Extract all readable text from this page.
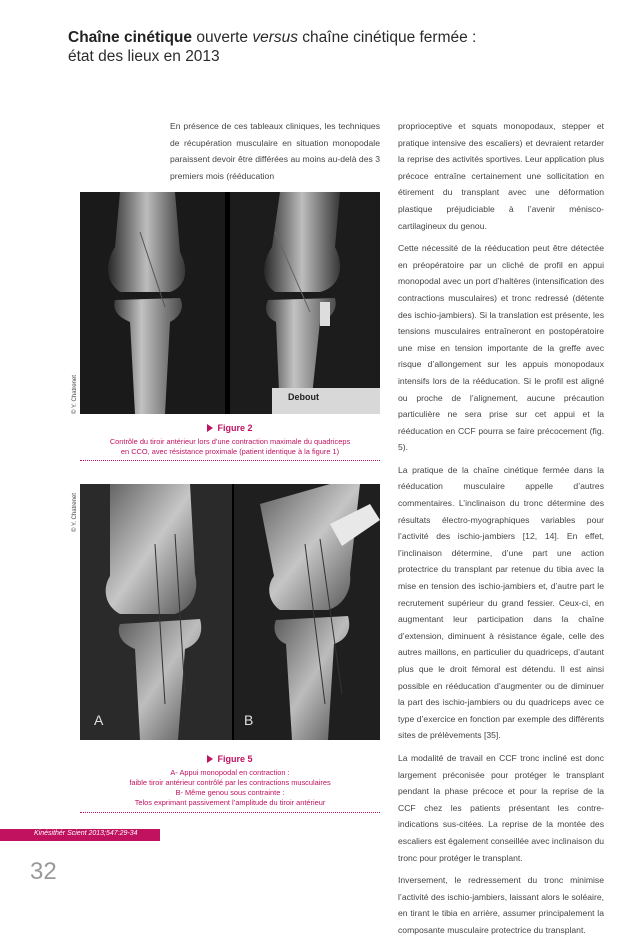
Chaîne cinétique ouverte versus chaîne cinétique fermée :
état des lieux en 2013
En présence de ces tableaux cliniques, les techniques de récupération musculaire en situation monopodale paraissent devoir être différées au moins au-delà des 3 premiers mois (rééducation
Debout
© Y. Chatrenet
Figure 2
Contrôle du tiroir antérieur lors d’une contraction maximale du quadriceps
en CCO, avec résistance proximale (patient identique à la figure 1)
A	B
© Y. Chatrenet
Figure 5
A- Appui monopodal en contraction :
faible tiroir antérieur contrôlé par les contractions musculaires
B- Même genou sous contrainte :
Telos exprimant passivement l’amplitude du tiroir antérieur

proprioceptive et squats monopodaux, stepper et pratique intensive des escaliers) et devraient retarder la reprise des activités sportives. Leur application plus précoce entraîne certainement une sollicitation en étirement du transplant avec une déformation plastique préjudiciable à l’avenir ménisco-cartilagineux du genou.

Cette nécessité de la rééducation peut être détectée en préopératoire par un cliché de profil en appui monopodal avec un port d’haltères (intensification des contractions musculaires) et tronc redressé (détente des ischio-jambiers). Si la translation est présente, les tensions musculaires entraîneront en postopératoire une mise en tension importante de la greffe avec risque d’allongement sur les appuis monopodaux intensifs lors de la rééducation. Si le profil est aligné ou proche de l’alignement, aucune précaution particulière ne sera prise sur cet appui et la rééducation en CCF pourra se faire précocement (fig. 5).

La pratique de la chaîne cinétique fermée dans la rééducation musculaire appelle d’autres commentaires. L’inclinaison du tronc détermine des résultats électro-myographiques variables pour l’activité des ischio-jambiers [12, 14]. En effet, l’inclinaison détermine, d’une part une action protectrice du transplant par retenue du tibia avec la mise en tension des ischio-jambiers et, d’autre part le recrutement supérieur du grand fessier. Ceux-ci, en augmentant leur participation dans la chaîne d’extension, diminuent à résistance égale, celle des autres maillons, en particulier du quadriceps, d’autant plus que le droit fémoral est détendu. Il est ainsi possible en rééducation d’augmenter ou de diminuer la part des ischio-jambiers ou du quadriceps avec ce type d’exercice en fonction par exemple des différents sites de prélèvements [35].

La modalité de travail en CCF tronc incliné est donc largement préconisée pour protéger le transplant pendant la phase précoce et pour la reprise de la CCF chez les patients présentant les contre-indications sus-citées. La reprise de la montée des escaliers est également conseillée avec inclinaison du tronc pour protéger le transplant.

Inversement, le redressement du tronc minimise l’activité des ischio-jambiers, laissant alors le soléaire, en tirant le tibia en arrière, assumer principalement la composante musculaire protectrice du transplant.

Kinésithér Scient 2013;547:29-34
32
